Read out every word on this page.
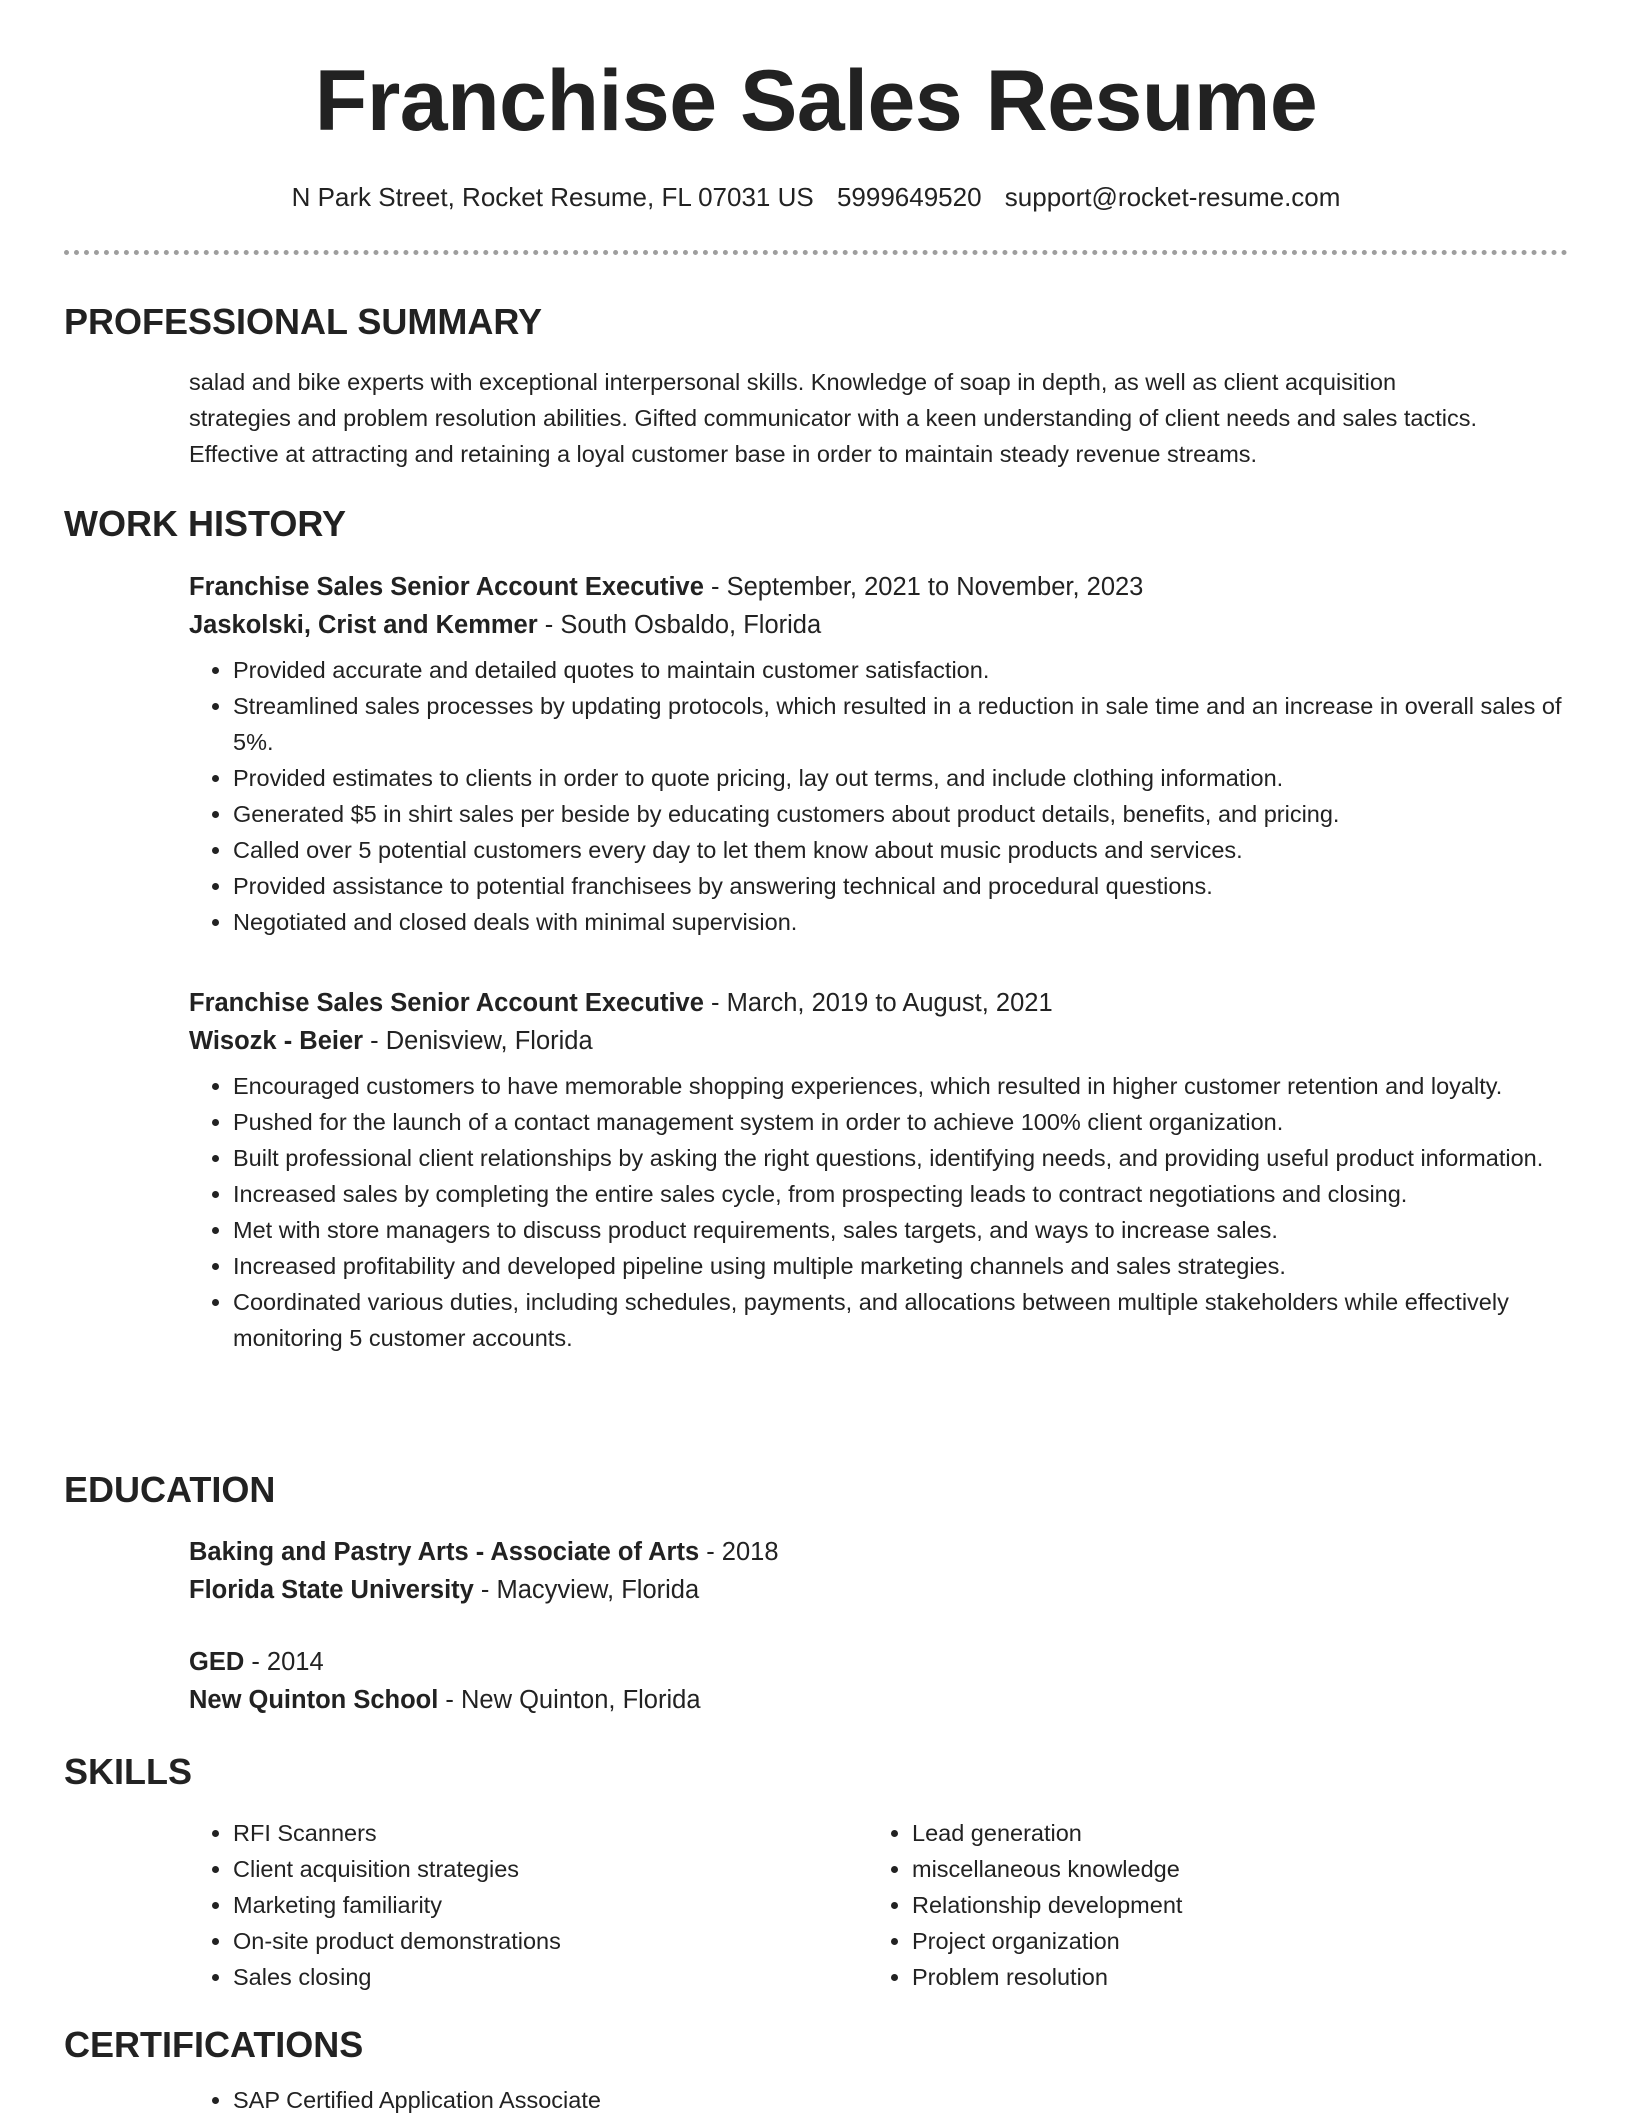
Franchise Sales Resume
N Park Street, Rocket Resume, FL 07031 US 5999649520 support@rocket-resume.com
PROFESSIONAL SUMMARY

salad and bike experts with exceptional interpersonal skills. Knowledge of soap in depth, as well as client acquisition

strategies and problem resolution abilities. Gifted communicator with a keen understanding of client needs and sales tactics.

Effective at attracting and retaining a loyal customer base in order to maintain steady revenue streams.

WORK HISTORY
Franchise Sales Senior Account Executive - September, 2021 to November, 2023
Jaskolski, Crist and Kemmer - South Osbaldo, Florida
• Provided accurate and detailed quotes to maintain customer satisfaction.
• Streamlined sales processes by updating protocols, which resulted in a reduction in sale time and an increase in overall sales of 5%.
• Provided estimates to clients in order to quote pricing, lay out terms, and include clothing information.
• Generated $5 in shirt sales per beside by educating customers about product details, benefits, and pricing.
• Called over 5 potential customers every day to let them know about music products and services.
• Provided assistance to potential franchisees by answering technical and procedural questions.
• Negotiated and closed deals with minimal supervision.
Franchise Sales Senior Account Executive - March, 2019 to August, 2021
Wisozk - Beier - Denisview, Florida
• Encouraged customers to have memorable shopping experiences, which resulted in higher customer retention and loyalty.
• Pushed for the launch of a contact management system in order to achieve 100% client organization.
• Built professional client relationships by asking the right questions, identifying needs, and providing useful product information.
• Increased sales by completing the entire sales cycle, from prospecting leads to contract negotiations and closing.
• Met with store managers to discuss product requirements, sales targets, and ways to increase sales.
• Increased profitability and developed pipeline using multiple marketing channels and sales strategies.
• Coordinated various duties, including schedules, payments, and allocations between multiple stakeholders while effectively monitoring 5 customer accounts.
EDUCATION
Baking and Pastry Arts - Associate of Arts - 2018
Florida State University - Macyview, Florida
GED - 2014
New Quinton School - New Quinton, Florida
SKILLS
• RFI Scanners
• Client acquisition strategies
• Marketing familiarity
• On-site product demonstrations
• Sales closing
• Lead generation
• miscellaneous knowledge
• Relationship development
• Project organization
• Problem resolution
CERTIFICATIONS
• SAP Certified Application Associate
